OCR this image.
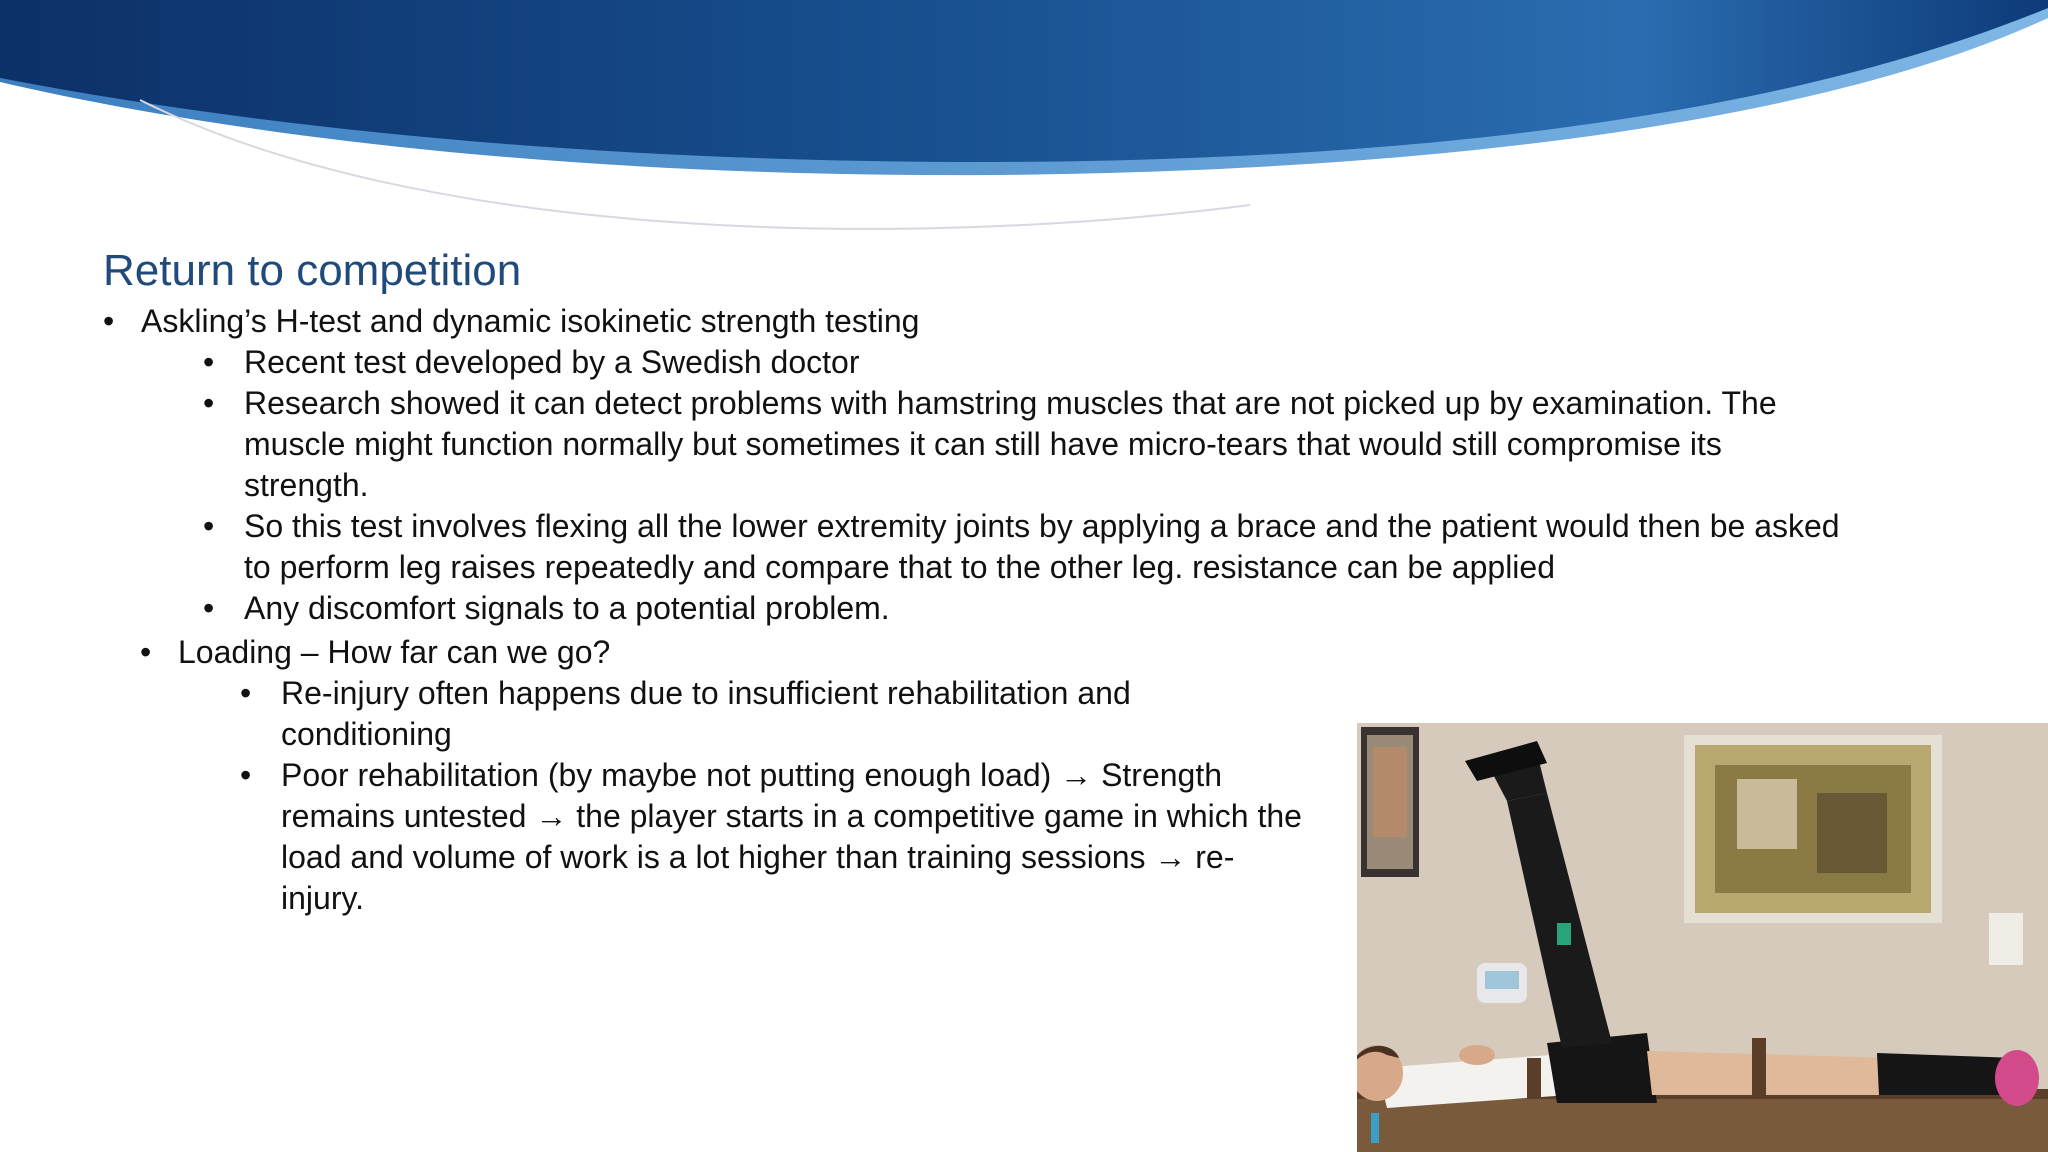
Return to competition
• Askling’s H-test and dynamic isokinetic strength testing
• Recent test developed by a Swedish doctor
• Research showed it can detect problems with hamstring muscles that are not picked up by examination. The muscle might function normally but sometimes it can still have micro-tears that would still compromise its strength.
• So this test involves flexing all the lower extremity joints by applying a brace and the patient would then be asked to perform leg raises repeatedly and compare that to the other leg. resistance can be applied
• Any discomfort signals to a potential problem.
• Loading – How far can we go?
• Re-injury often happens due to insufficient rehabilitation and conditioning
• Poor rehabilitation (by maybe not putting enough load) → Strength remains untested → the player starts in a competitive game in which the load and volume of work is a lot higher than training sessions → re-injury.
